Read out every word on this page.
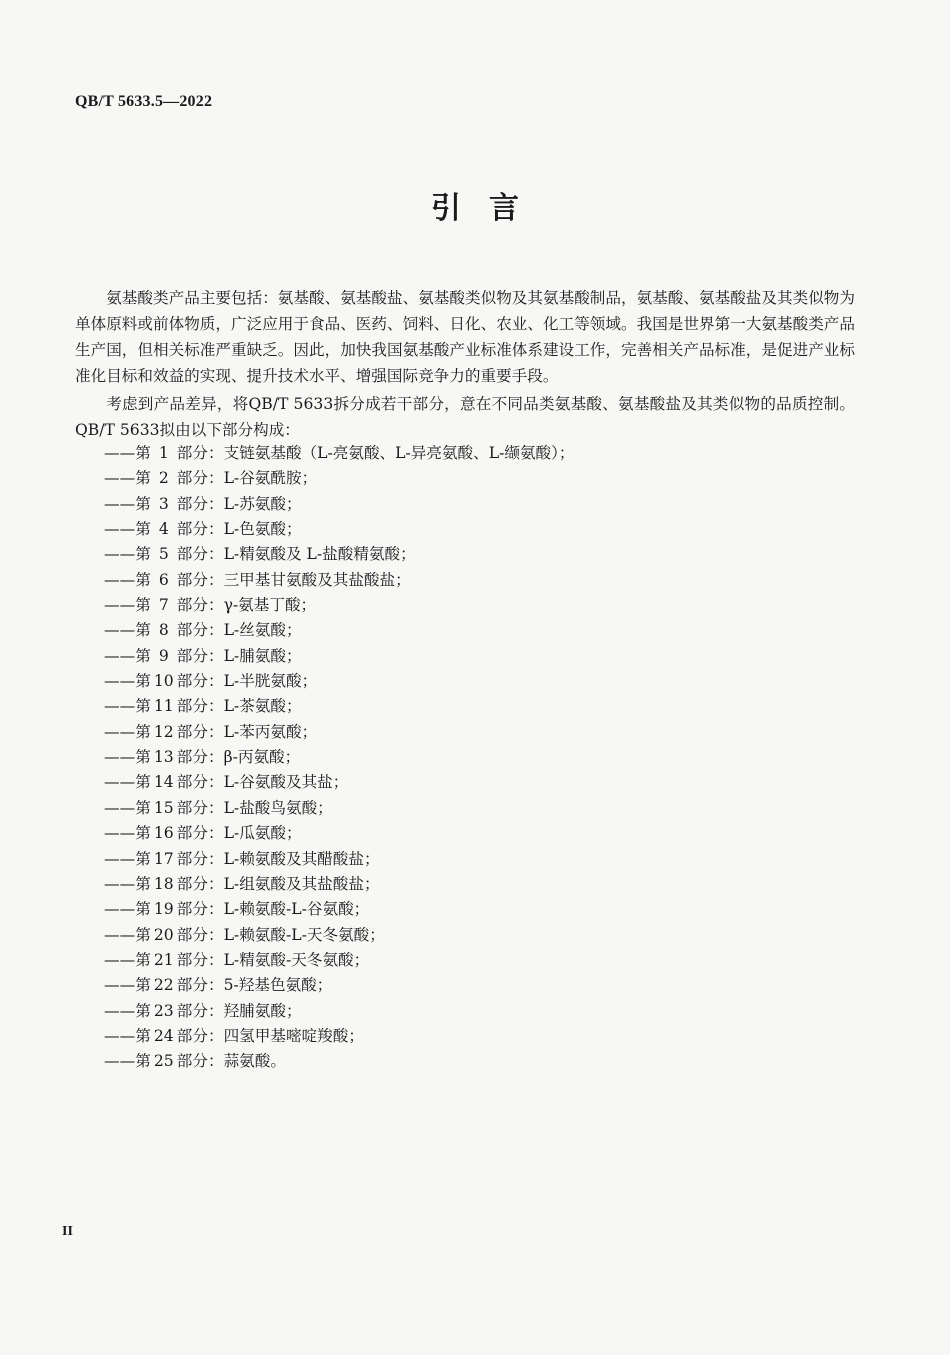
QB/T 5633.5—2022
引言

氨基酸类产品主要包括：氨基酸、氨基酸盐、氨基酸类似物及其氨基酸制品，氨基酸、氨基酸盐及其类似物为单体原料或前体物质，广泛应用于食品、医药、饲料、日化、农业、化工等领域。我国是世界第一大氨基酸类产品生产国，但相关标准严重缺乏。因此，加快我国氨基酸产业标准体系建设工作，完善相关产品标准，是促进产业标准化目标和效益的实现、提升技术水平、增强国际竞争力的重要手段。

考虑到产品差异，将QB/T 5633拆分成若干部分，意在不同品类氨基酸、氨基酸盐及其类似物的品质控制。QB/T 5633拟由以下部分构成：

——第 1 部分：支链氨基酸（L-亮氨酸、L-异亮氨酸、L-缬氨酸）；
——第 2 部分：L-谷氨酰胺；
——第 3 部分：L-苏氨酸；
——第 4 部分：L-色氨酸；
——第 5 部分：L-精氨酸及 L-盐酸精氨酸；
——第 6 部分：三甲基甘氨酸及其盐酸盐；
——第 7 部分：γ-氨基丁酸；
——第 8 部分：L-丝氨酸；
——第 9 部分：L-脯氨酸；
——第 10 部分：L-半胱氨酸；
——第 11 部分：L-茶氨酸；
——第 12 部分：L-苯丙氨酸；
——第 13 部分：β-丙氨酸；
——第 14 部分：L-谷氨酸及其盐；
——第 15 部分：L-盐酸鸟氨酸；
——第 16 部分：L-瓜氨酸；
——第 17 部分：L-赖氨酸及其醋酸盐；
——第 18 部分：L-组氨酸及其盐酸盐；
——第 19 部分：L-赖氨酸-L-谷氨酸；
——第 20 部分：L-赖氨酸-L-天冬氨酸；
——第 21 部分：L-精氨酸-天冬氨酸；
——第 22 部分：5-羟基色氨酸；
——第 23 部分：羟脯氨酸；
——第 24 部分：四氢甲基嘧啶羧酸；
——第 25 部分：蒜氨酸。
II
